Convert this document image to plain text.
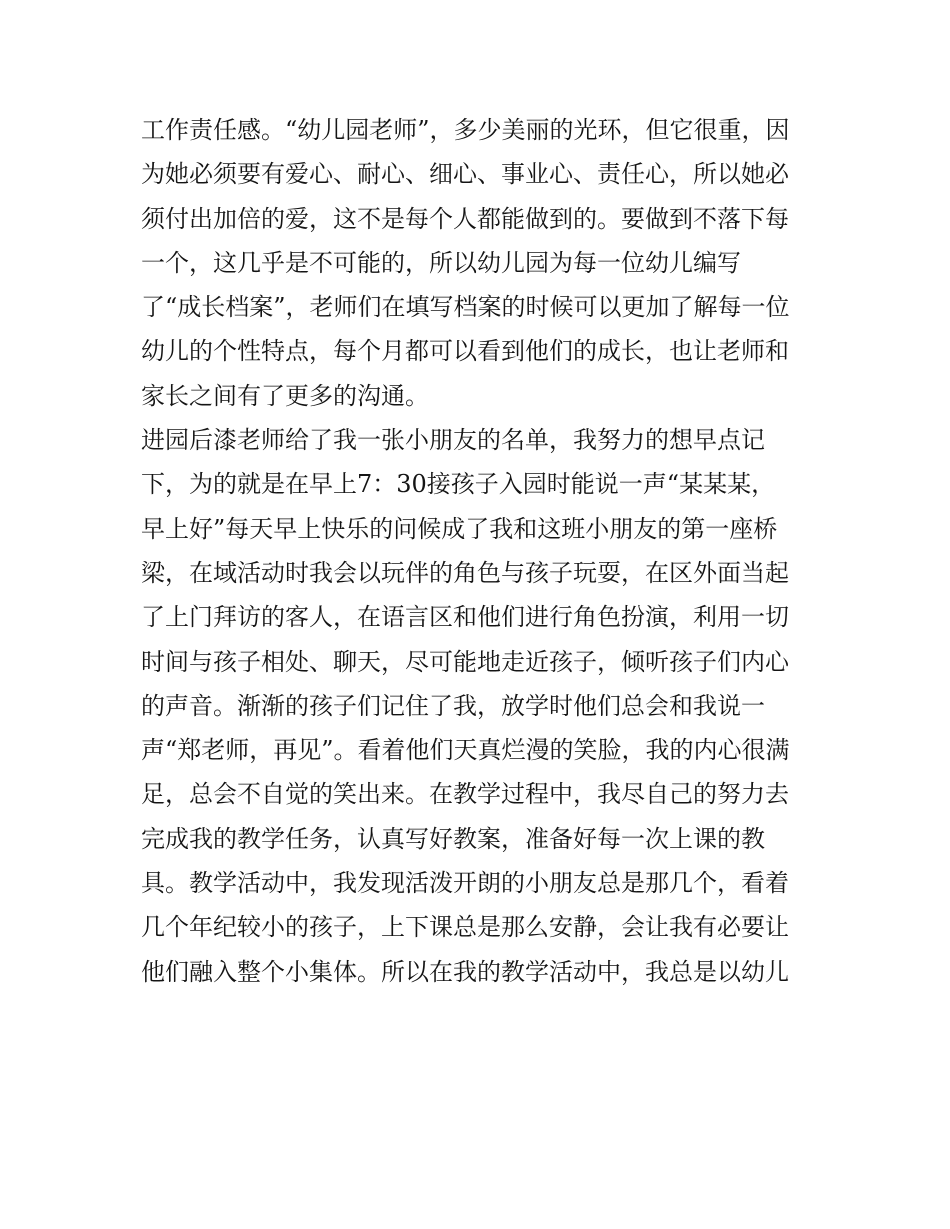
工作责任感。“幼儿园老师”，多少美丽的光环，但它很重，因
为她必须要有爱心、耐心、细心、事业心、责任心，所以她必
须付出加倍的爱，这不是每个人都能做到的。要做到不落下每
一个，这几乎是不可能的，所以幼儿园为每一位幼儿编写
了“成长档案”，老师们在填写档案的时候可以更加了解每一位
幼儿的个性特点，每个月都可以看到他们的成长，也让老师和
家长之间有了更多的沟通。
进园后漆老师给了我一张小朋友的名单，我努力的想早点记
下，为的就是在早上7：30接孩子入园时能说一声“某某某，
早上好”每天早上快乐的问候成了我和这班小朋友的第一座桥
梁，在域活动时我会以玩伴的角色与孩子玩耍，在区外面当起
了上门拜访的客人，在语言区和他们进行角色扮演，利用一切
时间与孩子相处、聊天，尽可能地走近孩子，倾听孩子们内心
的声音。渐渐的孩子们记住了我，放学时他们总会和我说一
声“郑老师，再见”。看着他们天真烂漫的笑脸，我的内心很满
足，总会不自觉的笑出来。在教学过程中，我尽自己的努力去
完成我的教学任务，认真写好教案，准备好每一次上课的教
具。教学活动中，我发现活泼开朗的小朋友总是那几个，看着
几个年纪较小的孩子，上下课总是那么安静，会让我有必要让
他们融入整个小集体。所以在我的教学活动中，我总是以幼儿
